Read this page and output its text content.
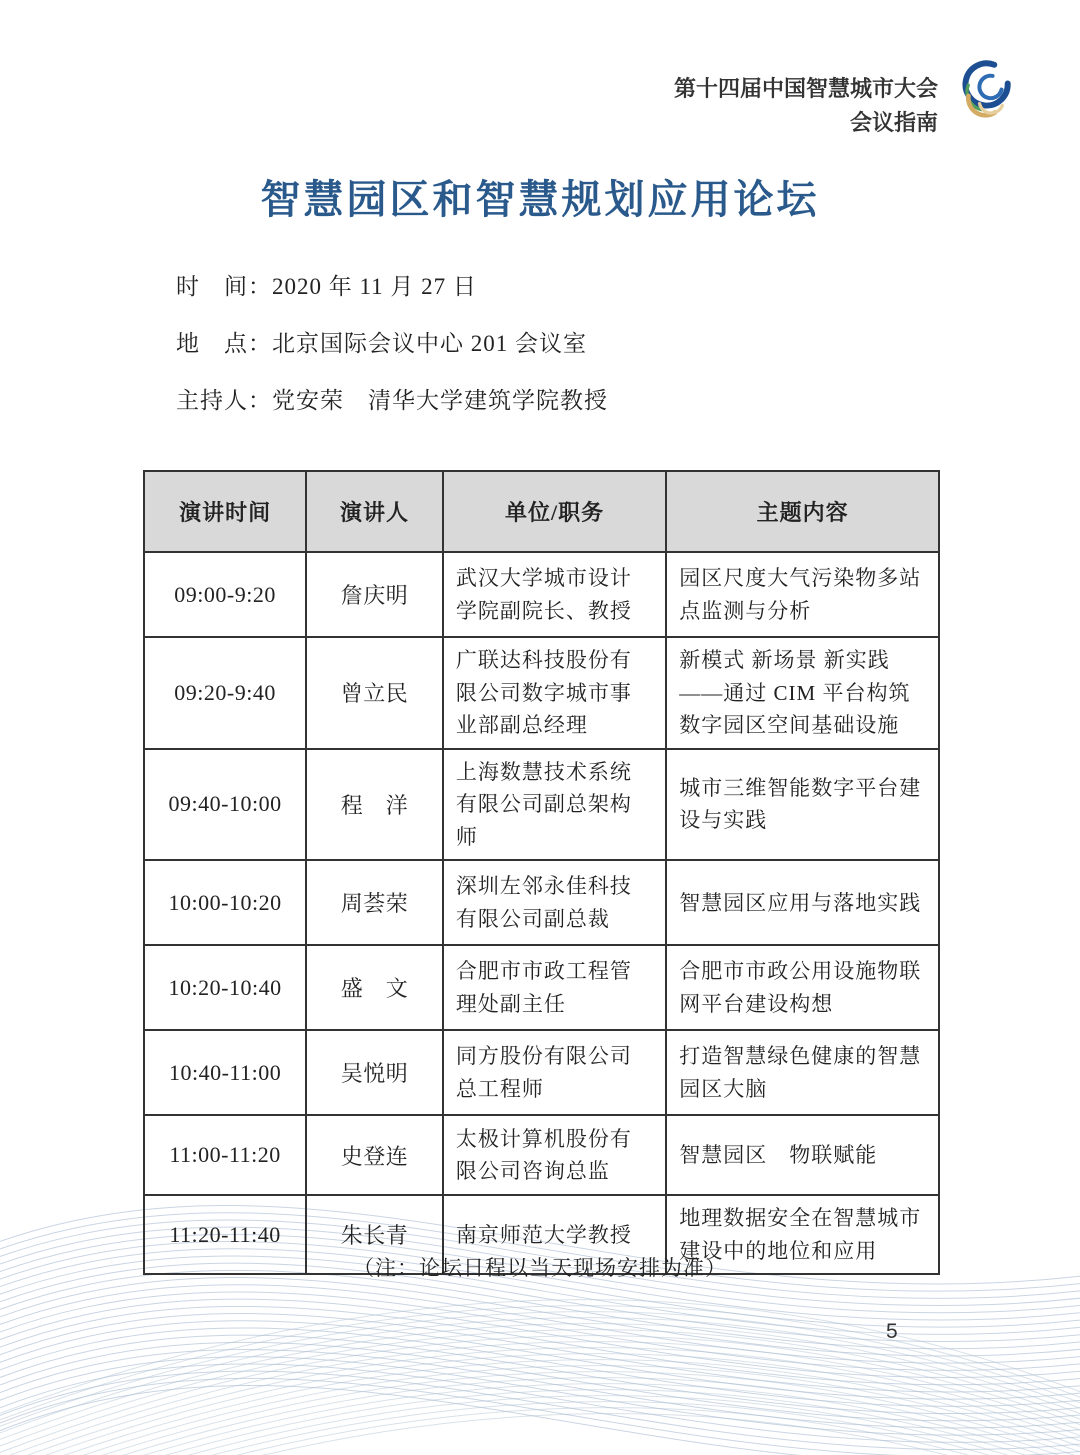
第十四届中国智慧城市大会
会议指南
智慧园区和智慧规划应用论坛
时　间：2020 年 11 月 27 日
地　点：北京国际会议中心 201 会议室
主持人：党安荣　清华大学建筑学院教授
演讲时间	演讲人	单位/职务	主题内容
09:00-9:20	詹庆明	武汉大学城市设计学院副院长、教授	园区尺度大气污染物多站点监测与分析
09:20-9:40	曾立民	广联达科技股份有限公司数字城市事业部副总经理	新模式 新场景 新实践——通过 CIM 平台构筑数字园区空间基础设施
09:40-10:00	程　洋	上海数慧技术系统有限公司副总架构师	城市三维智能数字平台建设与实践
10:00-10:20	周荟荣	深圳左邻永佳科技有限公司副总裁	智慧园区应用与落地实践
10:20-10:40	盛　文	合肥市市政工程管理处副主任	合肥市市政公用设施物联网平台建设构想
10:40-11:00	吴悦明	同方股份有限公司总工程师	打造智慧绿色健康的智慧园区大脑
11:00-11:20	史登连	太极计算机股份有限公司咨询总监	智慧园区　物联赋能
11:20-11:40	朱长青	南京师范大学教授	地理数据安全在智慧城市建设中的地位和应用
（注：论坛日程以当天现场安排为准）
5
